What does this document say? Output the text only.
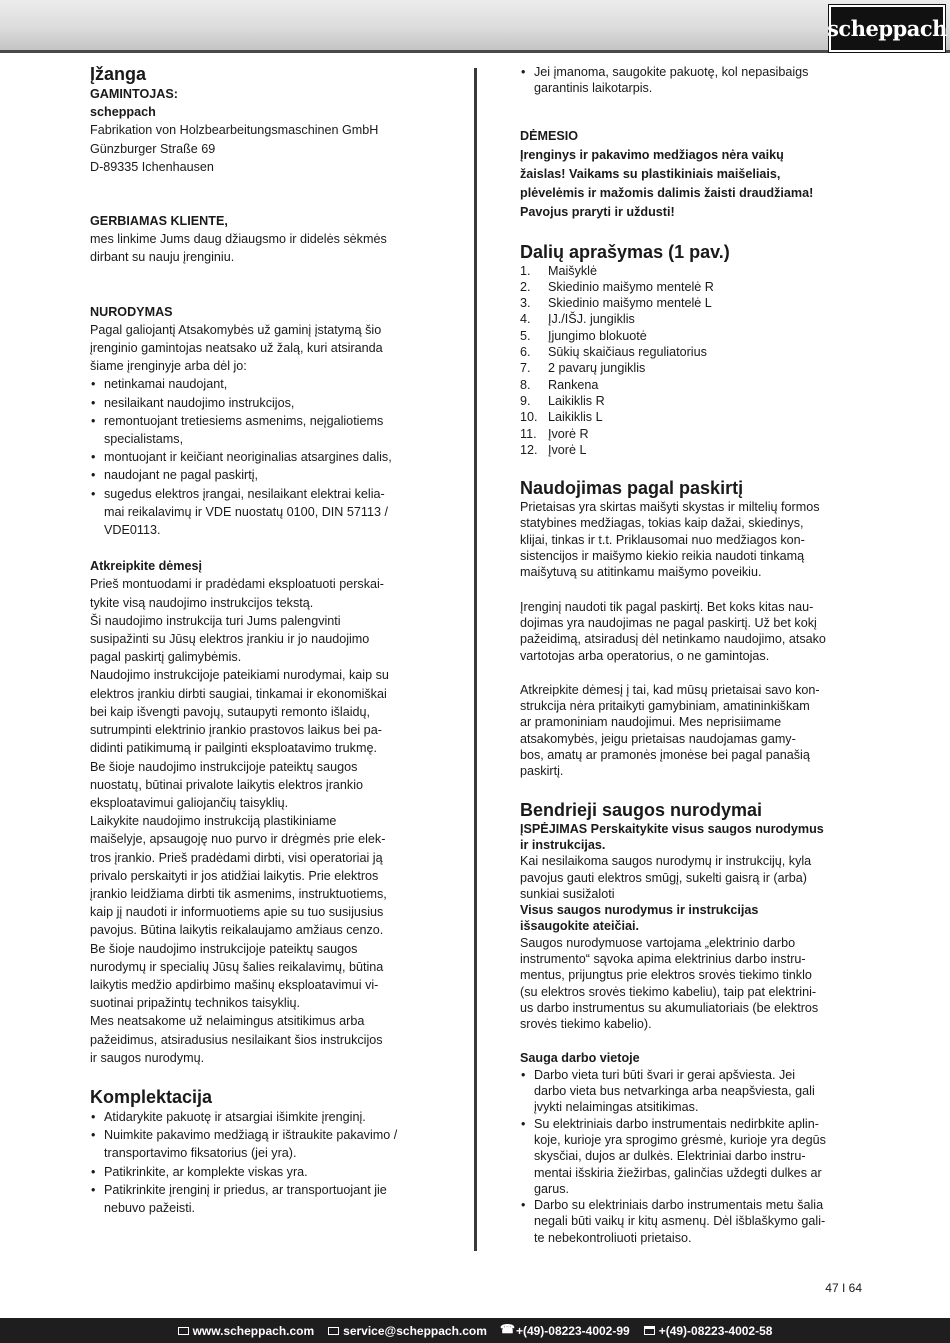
scheppach
Įžanga

GAMINTOJAS:

scheppach

Fabrikation von Holzbearbeitungsmaschinen GmbH

Günzburger Straße 69

D-89335 Ichenhausen

GERBIAMAS KLIENTE,

mes linkime Jums daug džiaugsmo ir didelės sėkmės

dirbant su nauju įrenginiu.

NURODYMAS

Pagal galiojantį Atsakomybės už gaminį įstatymą šio

įrenginio gamintojas neatsako už žalą, kuri atsiranda

šiame įrenginyje arba dėl jo:

• netinkamai naudojant,
• nesilaikant naudojimo instrukcijos,
• remontuojant tretiesiems asmenims, neįgaliotiems
specialistams,
• montuojant ir keičiant neoriginalias atsargines dalis,
• naudojant ne pagal paskirtį,
• sugedus elektros įrangai, nesilaikant elektrai kelia-
mai reikalavimų ir VDE nuostatų 0100, DIN 57113 /
VDE0113.

Atkreipkite dėmesį

Prieš montuodami ir pradėdami eksploatuoti perskai-

tykite visą naudojimo instrukcijos tekstą.

Ši naudojimo instrukcija turi Jums palengvinti

susipažinti su Jūsų elektros įrankiu ir jo naudojimo

pagal paskirtį galimybėmis.

Naudojimo instrukcijoje pateikiami nurodymai, kaip su

elektros įrankiu dirbti saugiai, tinkamai ir ekonomiškai

bei kaip išvengti pavojų, sutaupyti remonto išlaidų,

sutrumpinti elektrinio įrankio prastovos laikus bei pa-

didinti patikimumą ir pailginti eksploatavimo trukmę.

Be šioje naudojimo instrukcijoje pateiktų saugos

nuostatų, būtinai privalote laikytis elektros įrankio

eksploatavimui galiojančių taisyklių.

Laikykite naudojimo instrukciją plastikiniame

maišelyje, apsaugoję nuo purvo ir drėgmės prie elek-

tros įrankio. Prieš pradėdami dirbti, visi operatoriai ją

privalo perskaityti ir jos atidžiai laikytis. Prie elektros

įrankio leidžiama dirbti tik asmenims, instruktuotiems,

kaip jį naudoti ir informuotiems apie su tuo susijusius

pavojus. Būtina laikytis reikalaujamo amžiaus cenzo.

Be šioje naudojimo instrukcijoje pateiktų saugos

nurodymų ir specialių Jūsų šalies reikalavimų, būtina

laikytis medžio apdirbimo mašinų eksploatavimui vi-

suotinai pripažintų technikos taisyklių.

Mes neatsakome už nelaimingus atsitikimus arba

pažeidimus, atsiradusius nesilaikant šios instrukcijos

ir saugos nurodymų.

Komplektacija
• Atidarykite pakuotę ir atsargiai išimkite įrenginį.
• Nuimkite pakavimo medžiagą ir ištraukite pakavimo /
transportavimo fiksatorius (jei yra).
• Patikrinkite, ar komplekte viskas yra.
• Patikrinkite įrenginį ir priedus, ar transportuojant jie
nebuvo pažeisti.
• Jei įmanoma, saugokite pakuotę, kol nepasibaigs
garantinis laikotarpis.

DĖMESIO

Įrenginys ir pakavimo medžiagos nėra vaikų

žaislas! Vaikams su plastikiniais maišeliais,

plėvelėmis ir mažomis dalimis žaisti draudžiama!

Pavojus praryti ir uždusti!

Dalių aprašymas (1 pav.)
1.	Maišyklė
2.	Skiedinio maišymo mentelė R
3.	Skiedinio maišymo mentelė L
4.	ĮJ./IŠJ. jungiklis
5.	Įjungimo blokuotė
6.	Sūkių skaičiaus reguliatorius
7.	2 pavarų jungiklis
8.	Rankena
9.	Laikiklis R
10. Laikiklis L
11. Įvorė R
12. Įvorė L
Naudojimas pagal paskirtį

Prietaisas yra skirtas maišyti skystas ir miltelių formos

statybines medžiagas, tokias kaip dažai, skiedinys,

klijai, tinkas ir t.t. Priklausomai nuo medžiagos kon-

sistencijos ir maišymo kiekio reikia naudoti tinkamą

maišytuvą su atitinkamu maišymo poveikiu.

Įrenginį naudoti tik pagal paskirtį. Bet koks kitas nau-

dojimas yra naudojimas ne pagal paskirtį. Už bet kokį

pažeidimą, atsiradusį dėl netinkamo naudojimo, atsako

vartotojas arba operatorius, o ne gamintojas.

Atkreipkite dėmesį į tai, kad mūsų prietaisai savo kon-

strukcija nėra pritaikyti gamybiniam, amatininkiškam

ar pramoniniam naudojimui. Mes neprisiimame

atsakomybės, jeigu prietaisas naudojamas gamy-

bos, amatų ar pramonės įmonėse bei pagal panašią

paskirtį.

Bendrieji saugos nurodymai

ĮSPĖJIMAS Perskaitykite visus saugos nurodymus

ir instrukcijas.

Kai nesilaikoma saugos nurodymų ir instrukcijų, kyla

pavojus gauti elektros smūgį, sukelti gaisrą ir (arba)

sunkiai susižaloti

Visus saugos nurodymus ir instrukcijas

išsaugokite ateičiai.

Saugos nurodymuose vartojama „elektrinio darbo

instrumento“ sąvoka apima elektrinius darbo instru-

mentus, prijungtus prie elektros srovės tiekimo tinklo

(su elektros srovės tiekimo kabeliu), taip pat elektrini-

us darbo instrumentus su akumuliatoriais (be elektros

srovės tiekimo kabelio).

Sauga darbo vietoje

• Darbo vieta turi būti švari ir gerai apšviesta. Jei
darbo vieta bus netvarkinga arba neapšviesta, gali
įvykti nelaimingas atsitikimas.
• Su elektriniais darbo instrumentais nedirbkite aplin-
koje, kurioje yra sprogimo grėsmė, kurioje yra degūs
skysčiai, dujos ar dulkės. Elektriniai darbo instru-
mentai išskiria žiežirbas, galinčias uždegti dulkes ar
garus.
• Darbo su elektriniais darbo instrumentais metu šalia
negali būti vaikų ir kitų asmenų. Dėl išblaškymo gali-
te nebekontroliuoti prietaiso.
47 I 64
www.scheppach.com service@scheppach.com
☎ +(49)-08223-4002-99 +(49)-08223-4002-58
